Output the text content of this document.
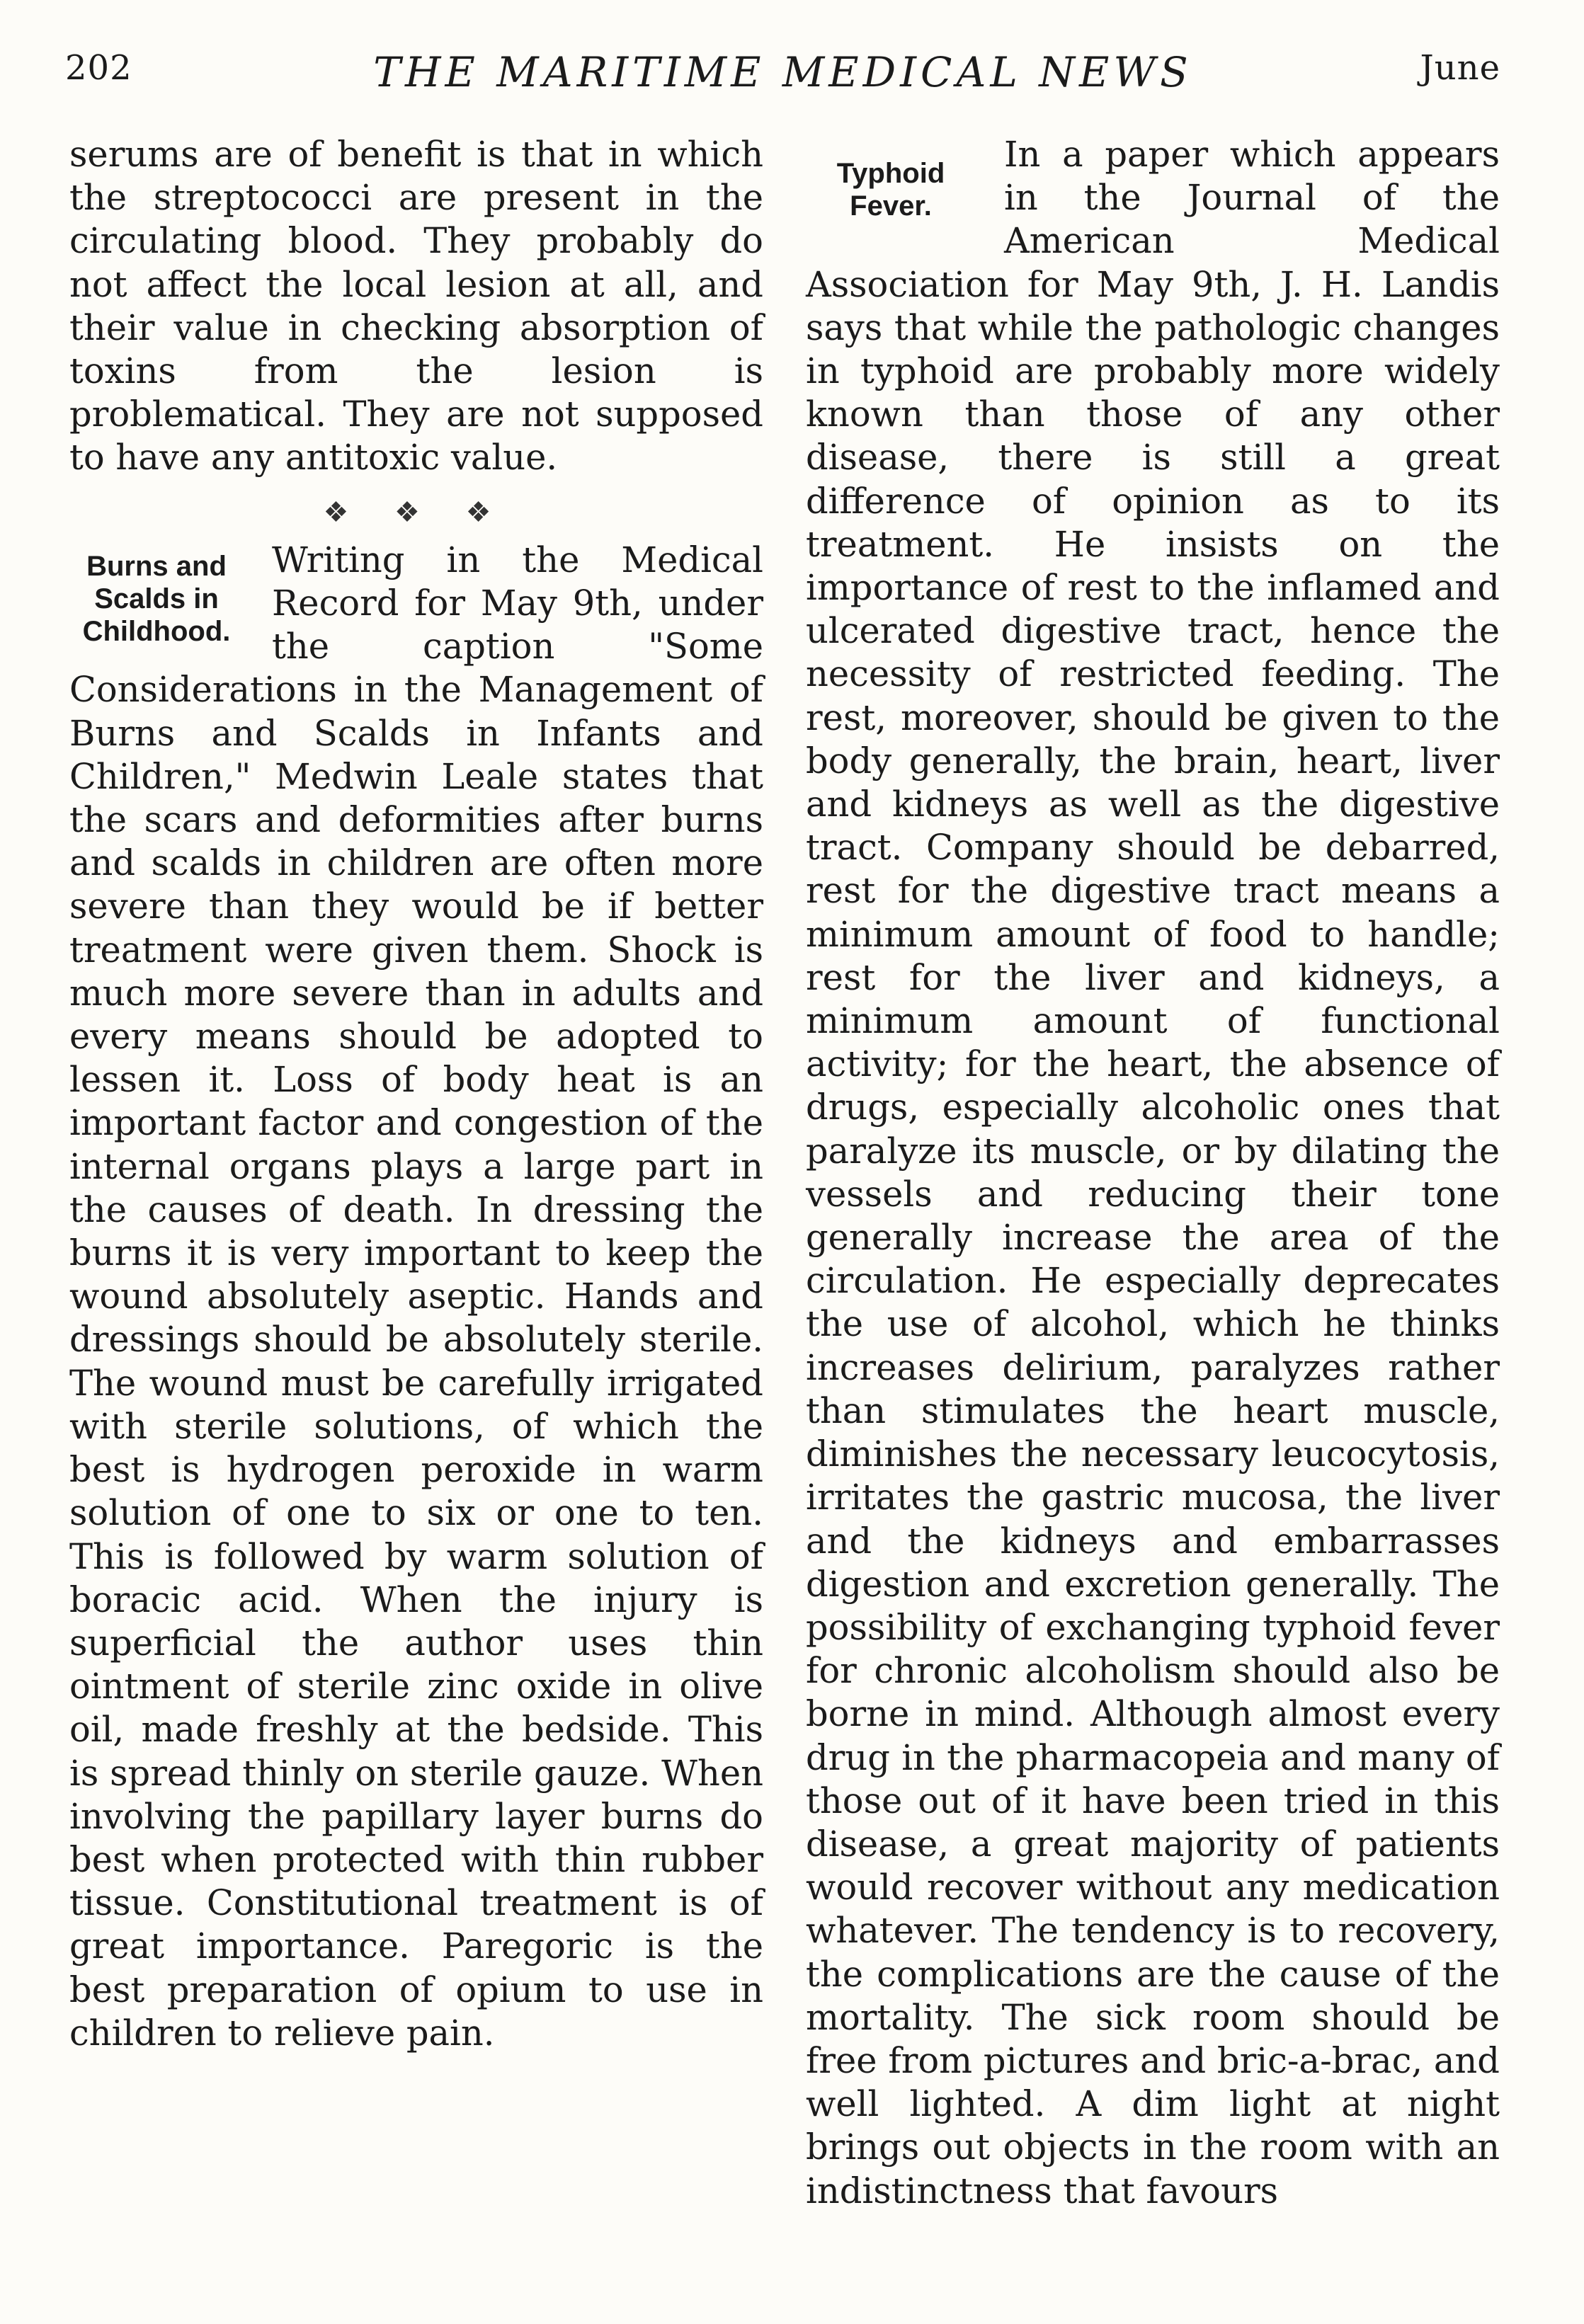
202	THE MARITIME MEDICAL NEWS	June

serums are of benefit is that in which the streptococci are present in the circulating blood. They probably do not affect the local lesion at all, and their value in checking absorption of toxins from the lesion is problematical. They are not supposed to have any antitoxic value.

❖ ❖ ❖
Burns and
Scalds in
Childhood.

Writing in the Medical Record for May 9th, under the caption "Some Considerations in the Management of Burns and Scalds in Infants and Children," Medwin Leale states that the scars and deformities after burns and scalds in children are often more severe than they would be if better treatment were given them. Shock is much more severe than in adults and every means should be adopted to lessen it. Loss of body heat is an important factor and congestion of the internal organs plays a large part in the causes of death. In dressing the burns it is very important to keep the wound absolutely aseptic. Hands and dressings should be absolutely sterile. The wound must be carefully irrigated with sterile solutions, of which the best is hydrogen peroxide in warm solution of one to six or one to ten. This is followed by warm solution of boracic acid. When the injury is superficial the author uses thin ointment of sterile zinc oxide in olive oil, made freshly at the bedside. This is spread thinly on sterile gauze. When involving the papillary layer burns do best when protected with thin rubber tissue. Constitutional treatment is of great importance. Paregoric is the best preparation of opium to use in children to relieve pain.

Typhoid
Fever.

In a paper which appears in the Journal of the American Medical Association for May 9th, J. H. Landis says that while the pathologic changes in typhoid are probably more widely known than those of any other disease, there is still a great difference of opinion as to its treatment. He insists on the importance of rest to the inflamed and ulcerated digestive tract, hence the necessity of restricted feeding. The rest, moreover, should be given to the body generally, the brain, heart, liver and kidneys as well as the digestive tract. Company should be debarred, rest for the digestive tract means a minimum amount of food to handle; rest for the liver and kidneys, a minimum amount of functional activity; for the heart, the absence of drugs, especially alcoholic ones that paralyze its muscle, or by dilating the vessels and reducing their tone generally increase the area of the circulation. He especially deprecates the use of alcohol, which he thinks increases delirium, paralyzes rather than stimulates the heart muscle, diminishes the necessary leucocytosis, irritates the gastric mucosa, the liver and the kidneys and embarrasses digestion and excretion generally. The possibility of exchanging typhoid fever for chronic alcoholism should also be borne in mind. Although almost every drug in the pharmacopeia and many of those out of it have been tried in this disease, a great majority of patients would recover without any medication whatever. The tendency is to recovery, the complications are the cause of the mortality. The sick room should be free from pictures and bric-a-brac, and well lighted. A dim light at night brings out objects in the room with an indistinctness that favours
